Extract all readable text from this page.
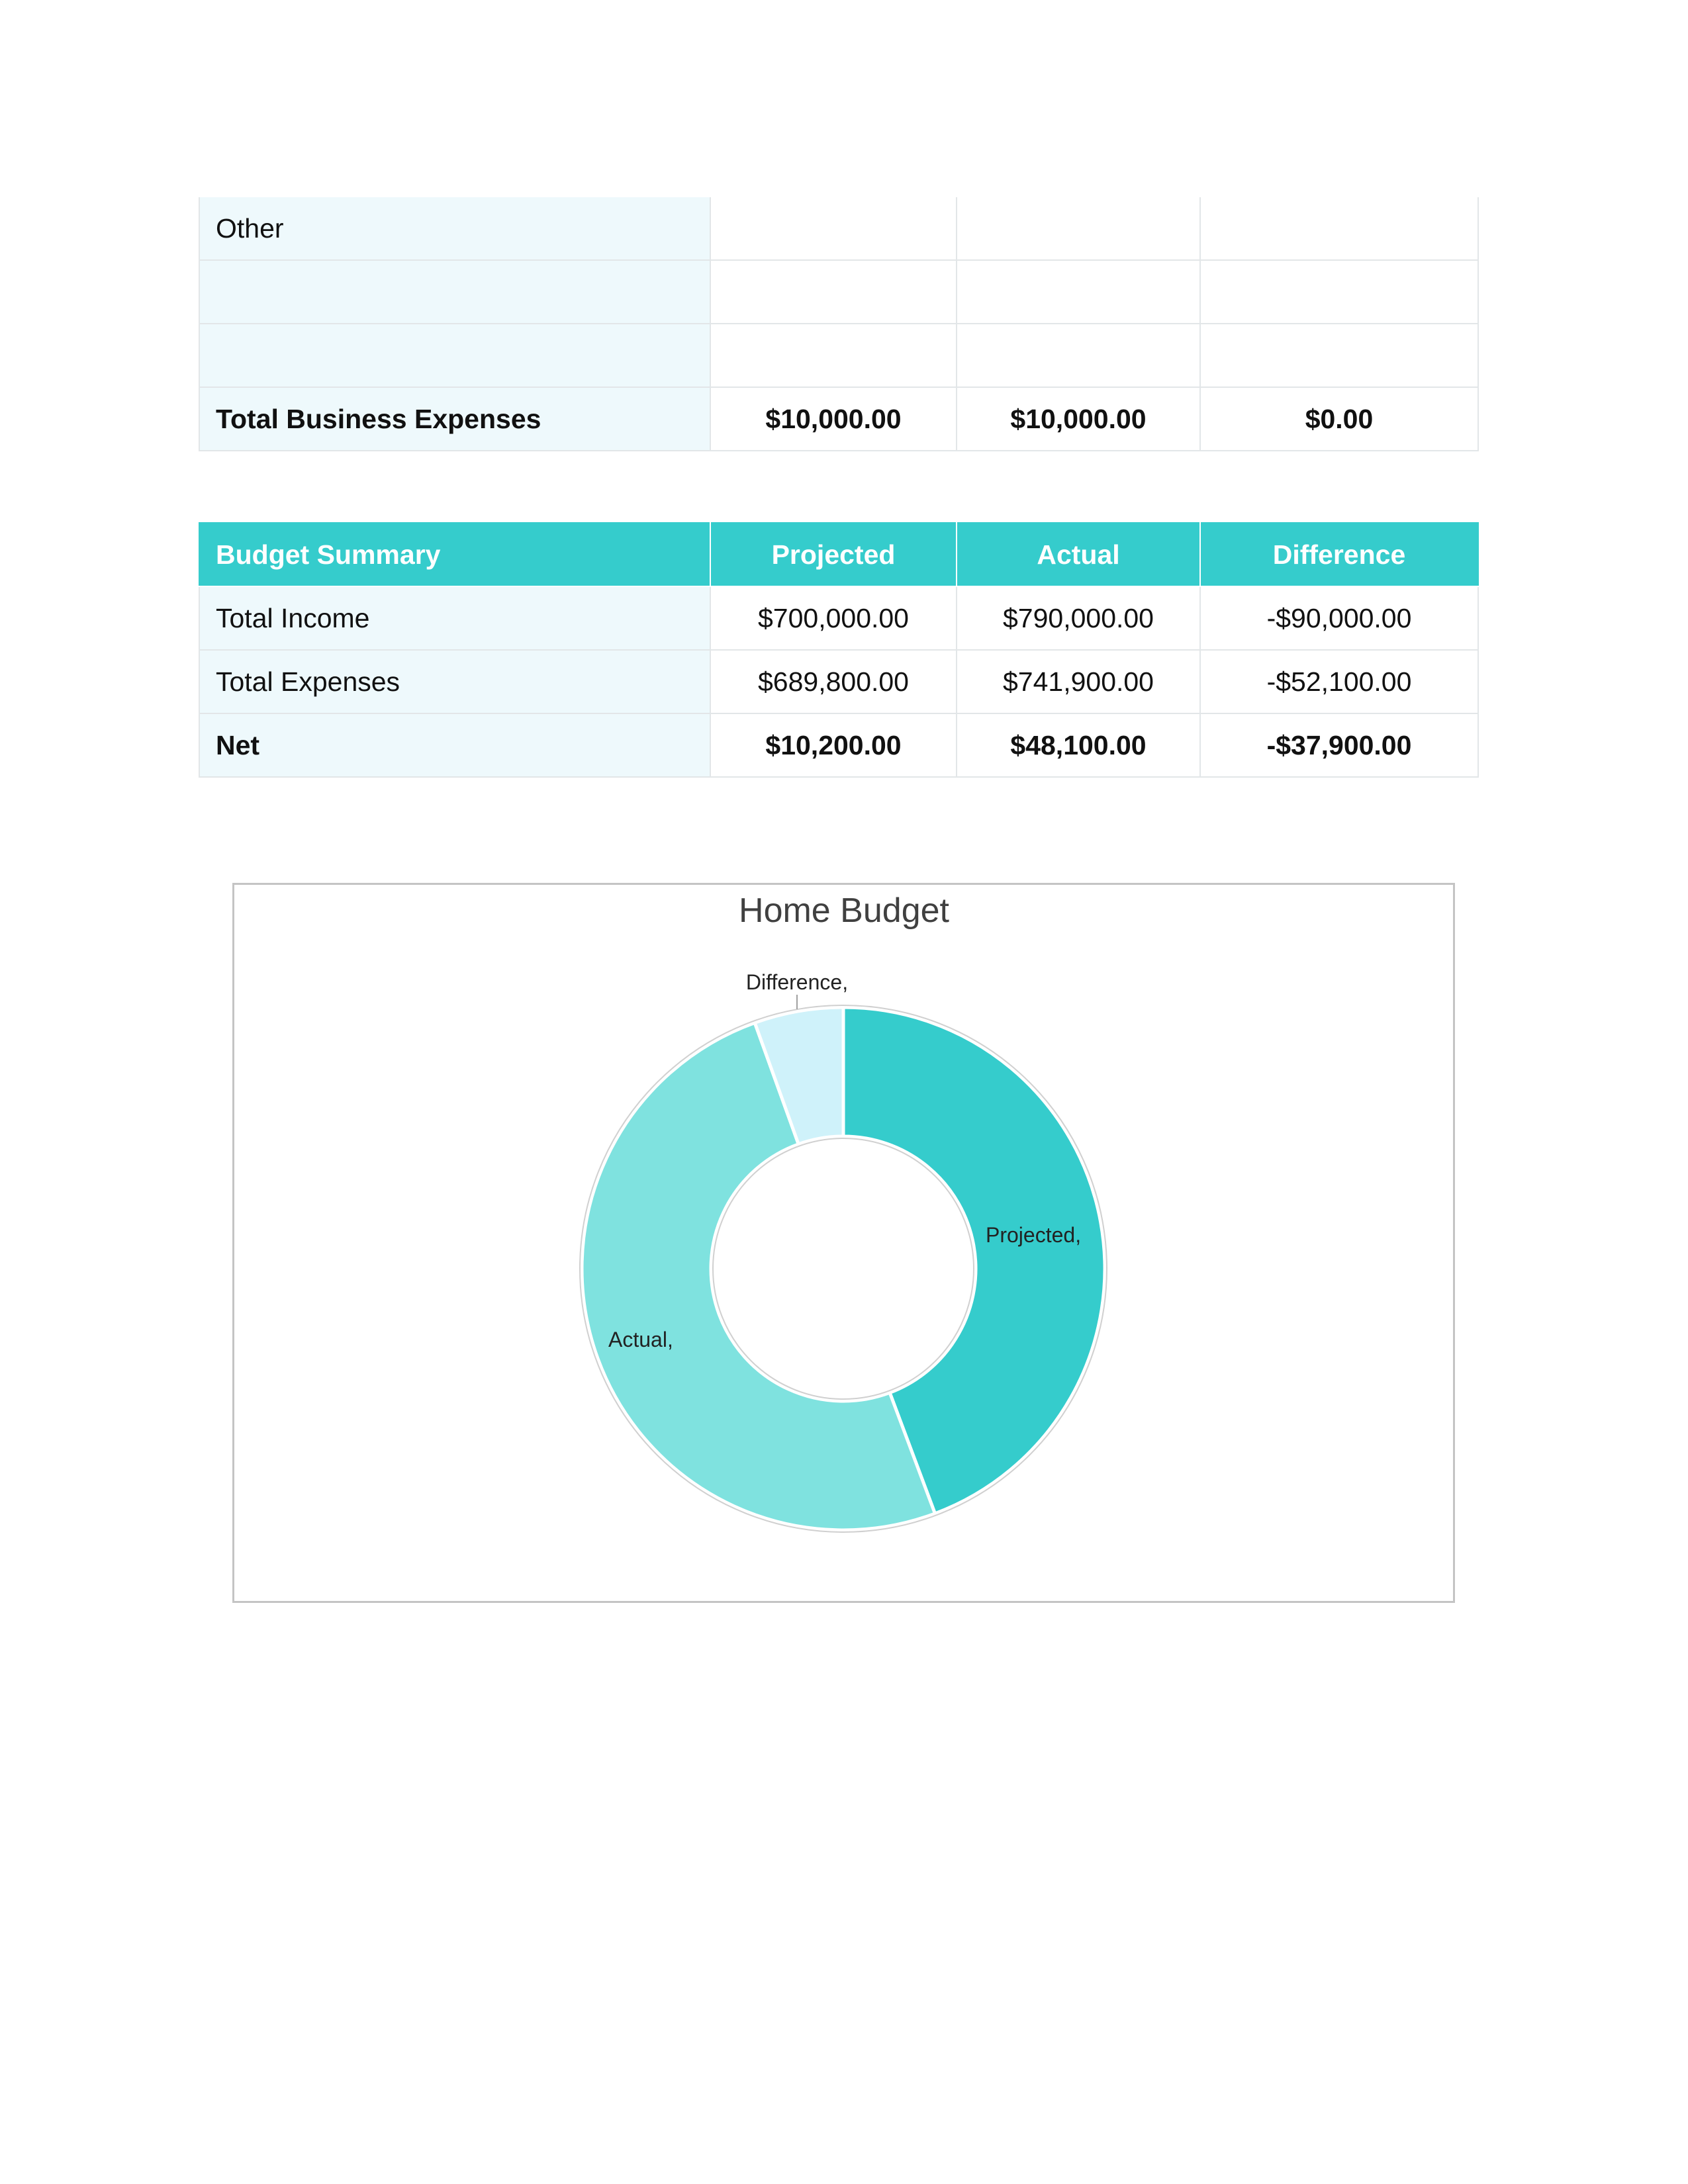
Other			

Total Business Expenses	$10,000.00	$10,000.00	$0.00
Budget Summary	Projected	Actual	Difference
Total Income	$700,000.00	$790,000.00	-$90,000.00
Total Expenses	$689,800.00	$741,900.00	-$52,100.00
Net	$10,200.00	$48,100.00	-$37,900.00
Home Budget
Projected,
Actual,
Difference,
